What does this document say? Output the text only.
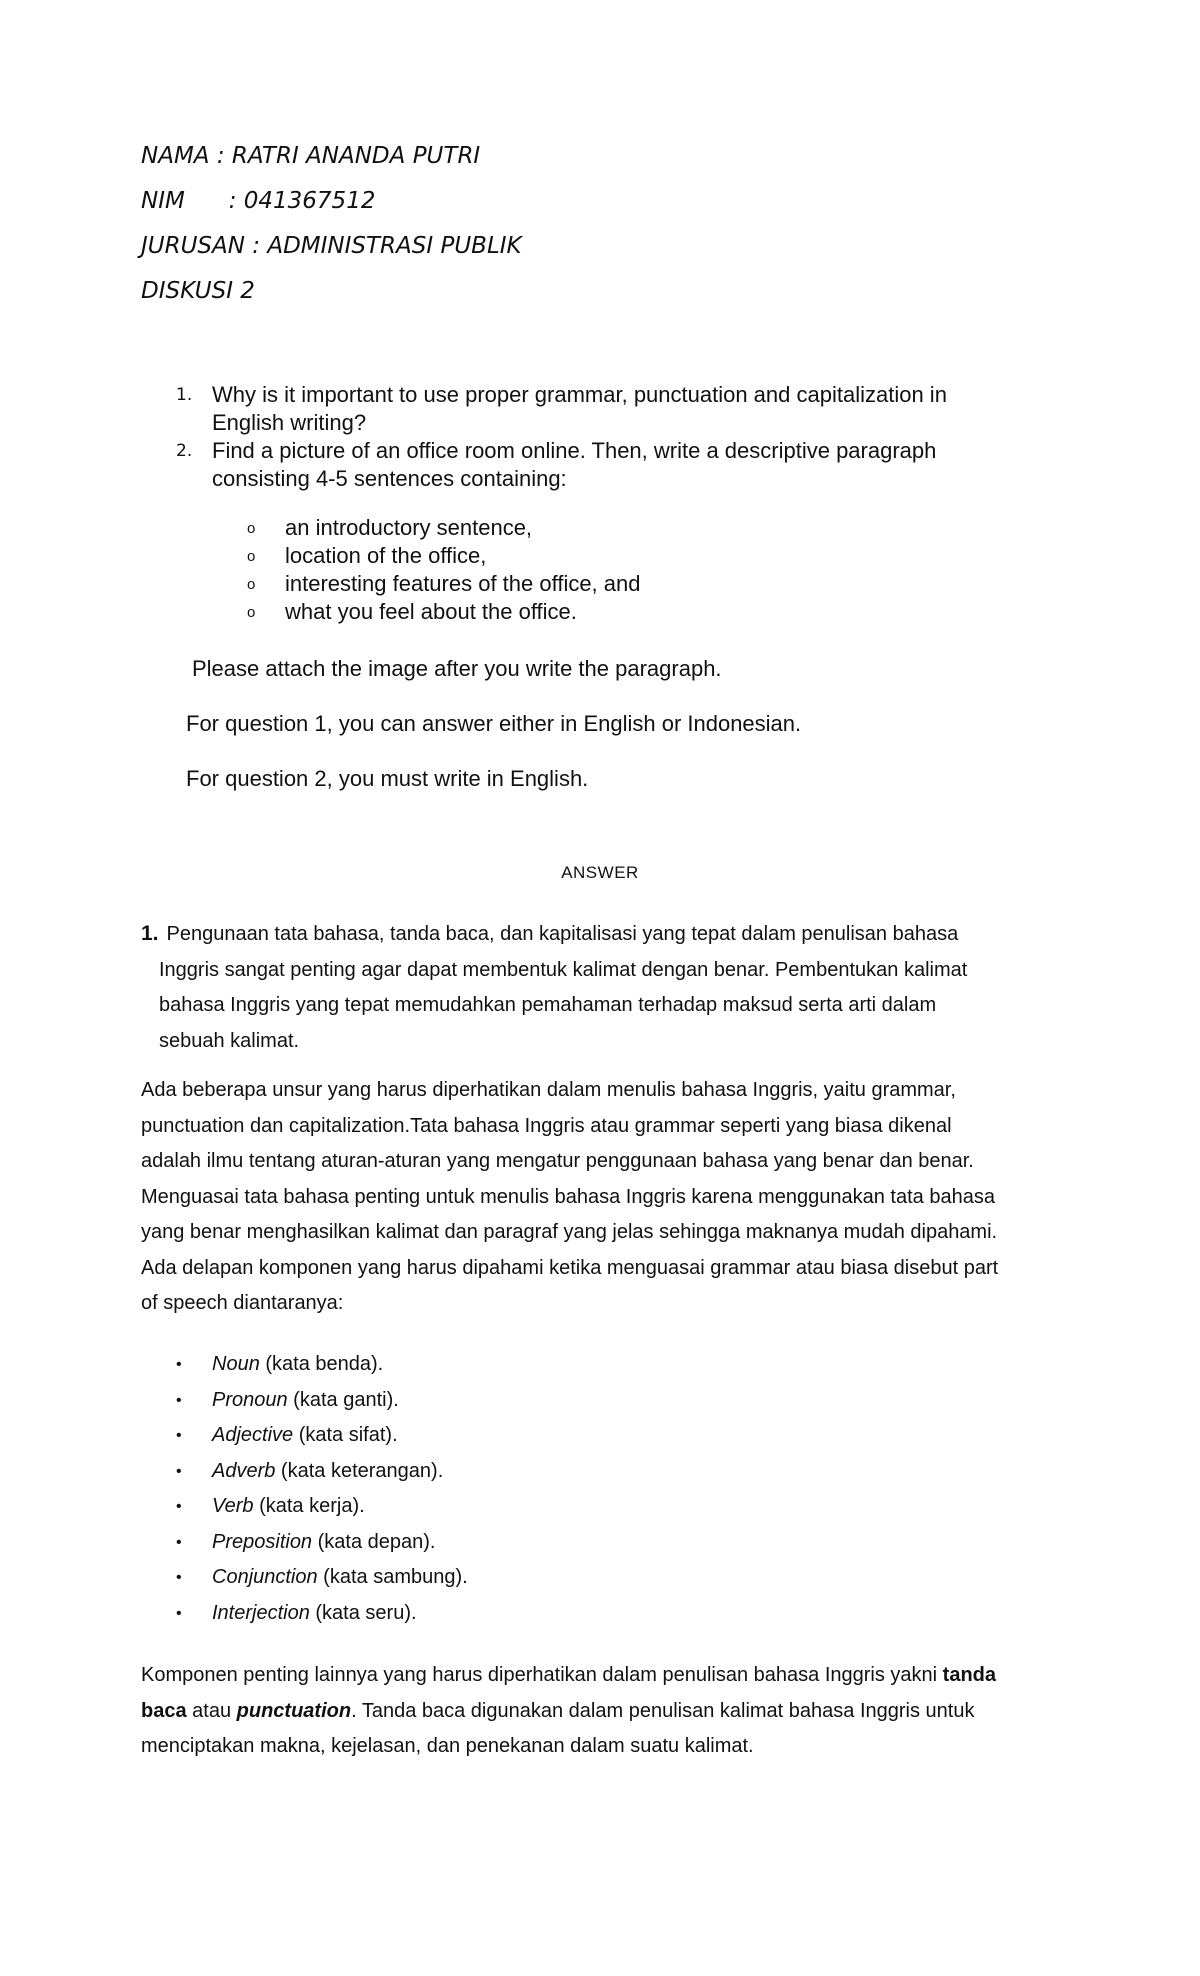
NAMA : RATRI ANANDA PUTRI
NIM      : 041367512
JURUSAN : ADMINISTRASI PUBLIK
DISKUSI 2
1. Why is it important to use proper grammar, punctuation and capitalization in
English writing?
2. Find a picture of an office room online. Then, write a descriptive paragraph
consisting 4-5 sentences containing:
o an introductory sentence,
o location of the office,
o interesting features of the office, and
o what you feel about the office.
Please attach the image after you write the paragraph.
For question 1, you can answer either in English or Indonesian.
For question 2, you must write in English.
ANSWER
1. Pengunaan tata bahasa, tanda baca, dan kapitalisasi yang tepat dalam penulisan bahasa
Inggris sangat penting agar dapat membentuk kalimat dengan benar. Pembentukan kalimat
bahasa Inggris yang tepat memudahkan pemahaman terhadap maksud serta arti dalam
sebuah kalimat.
Ada beberapa unsur yang harus diperhatikan dalam menulis bahasa Inggris, yaitu grammar,
punctuation dan capitalization.Tata bahasa Inggris atau grammar seperti yang biasa dikenal
adalah ilmu tentang aturan-aturan yang mengatur penggunaan bahasa yang benar dan benar.
Menguasai tata bahasa penting untuk menulis bahasa Inggris karena menggunakan tata bahasa
yang benar menghasilkan kalimat dan paragraf yang jelas sehingga maknanya mudah dipahami.
Ada delapan komponen yang harus dipahami ketika menguasai grammar atau biasa disebut part
of speech diantaranya:
• Noun (kata benda).
• Pronoun (kata ganti).
• Adjective (kata sifat).
• Adverb (kata keterangan).
• Verb (kata kerja).
• Preposition (kata depan).
• Conjunction (kata sambung).
• Interjection (kata seru).
Komponen penting lainnya yang harus diperhatikan dalam penulisan bahasa Inggris yakni tanda
baca atau punctuation. Tanda baca digunakan dalam penulisan kalimat bahasa Inggris untuk
menciptakan makna, kejelasan, dan penekanan dalam suatu kalimat.
